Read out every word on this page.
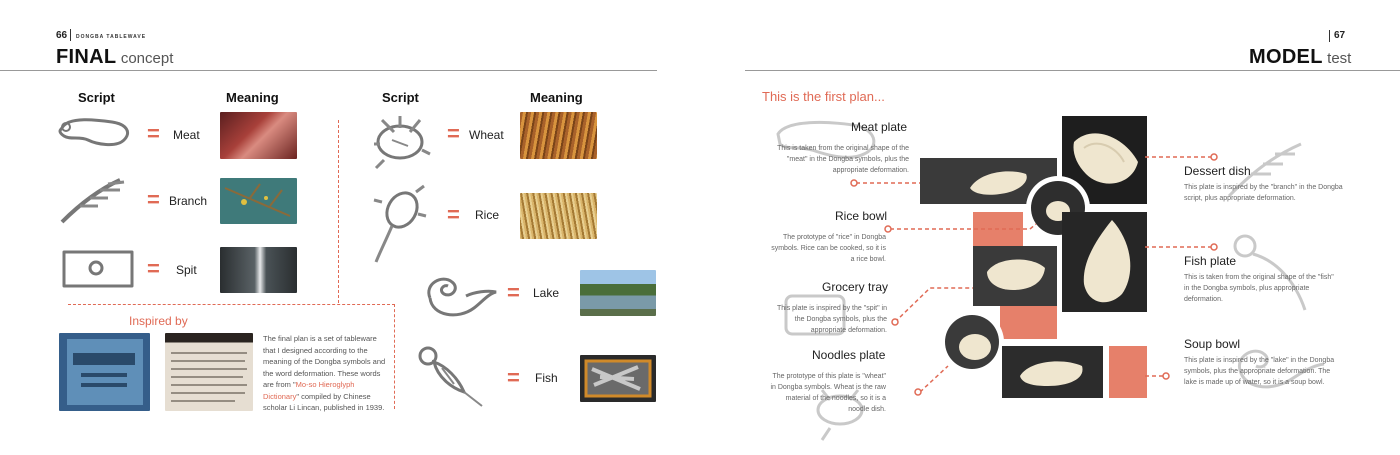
66 DONGBA TABLEWAVE
FINAL concept
Script	Meaning	Script	Meaning
= Meat
= Branch
= Spit
= Wheat
= Rice
= Lake
= Fish
Inspired by
The final plan is a set of tableware that I designed according to the meaning of the Dongba symbols and the word deformation. These words are from "Mo-so Hieroglyph Dictionary" compiled by Chinese scholar Li Lincan, published in 1939.
67
MODEL test
This is the first plan...
Meat plate
This is taken from the original shape of the "meat" in the Dongba symbols, plus the appropriate deformation.
Rice bowl
The prototype of "rice" in Dongba symbols. Rice can be cooked, so it is a rice bowl.
Grocery tray
This plate is inspired by the "spit" in the Dongba symbols, plus the appropriate deformation.
Noodles plate
The prototype of this plate is "wheat" in Dongba symbols. Wheat is the raw material of the noodles, so it is a noodle dish.
Dessert dish
This plate is inspired by the "branch" in the Dongba script, plus appropriate deformation.
Fish plate
This is taken from the original shape of the "fish" in the Dongba symbols, plus appropriate deformation.
Soup bowl
This plate is inspired by the "lake" in the Dongba symbols, plus the appropriate deformation. The lake is made up of water, so it is a soup bowl.
